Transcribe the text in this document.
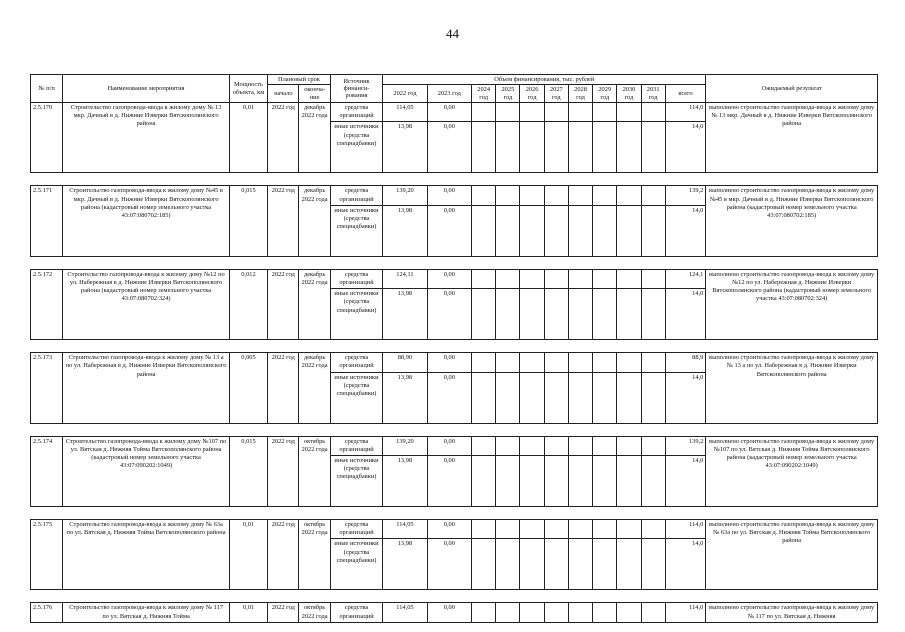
44
№ п/п	Наименование мероприятия	Мощность объекта, км	Плановый срок		Источник финанси-рования	Объем финансирования, тыс. рублей											Ожидаемый результат
			начало	оконча-ние		2022 год	2023 год	2024 год	2025 год	2026 год	2027 год	2028 год	2029 год	2030 год	2031 год	всего	
2.5.170	Строительство газопровода-ввода к жилому дому № 13 мкр. Дачный в д. Нижние Изверки Вятскополянского района	0,01	2022 год	декабрь 2022 года	средства организаций	114,05	0,00									114,0	выполнено строительство газопровода-ввода к жилому дому № 13 мкр. Дачный в д. Нижние Изверки Вятскополянского района
					иные источники (средства спецнадбавки)	13,98	0,00									14,0	

2.5.171	Строительство газопровода-ввода к жилому дому №45 в мкр. Дачный в д. Нижние Изверки Вятскополянского района (кадастровый номер земельного участка 43:07:080702:185)	0,015	2022 год	декабрь 2022 года	средства организаций	139,20	0,00									139,2	выполнено строительство газопровода-ввода к жилому дому №45 в мкр. Дачный в д. Нижние Изверки Вятскополянского района (кадастровый номер земельного участка 43:07:080702:185)
					иные источники (средства спецнадбавки)	13,98	0,00									14,0	

2.5.172	Строительство газопровода-ввода к жилому дому №12 по ул. Набережная в д. Нижние Изверки Вятскополянского района (кадастровый номер земельного участка 43:07:080702:324)	0,012	2022 год	декабрь 2022 года	средства организаций	124,11	0,00									124,1	выполнено строительство газопровода-ввода к жилому дому №12 по ул. Набережная д. Нижние Изверки Вятскополянского района (кадастровый номер земельного участка 43:07:080702:324)
					иные источники (средства спецнадбавки)	13,98	0,00									14,0	

2.5.173	Строительство газопровода-ввода к жилому дому № 13 а по ул. Набережная в д. Нижние Изверки Вятскополянского района	0,005	2022 год	декабрь 2022 года	средства организаций	88,90	0,00									88,9	выполнено строительство газопровода-ввода к жилому дому № 13 а по ул. Набережная в д. Нижние Изверки Вятскополянского района
					иные источники (средства спецнадбавки)	13,98	0,00									14,0	

2.5.174	Строительство газопровода-ввода к жилому дому №107 по ул. Вятская д. Нижняя Тойма Вятскополянского района (кадастровый номер земельного участка 43:07:090202:1049)	0,015	2022 год	октябрь 2022 года	средства организаций	139,20	0,00									139,2	выполнено строительство газопровода-ввода к жилому дому №107 по ул. Вятская д. Нижняя Тойма Вятскополянского района (кадастровый номер земельного участка 43:07:090202:1049)
					иные источники (средства спецнадбавки)	13,98	0,00									14,0	

2.5.175	Строительство газопровода-ввода к жилому дому № 63а по ул. Вятская д. Нижняя Тойма Вятскополянского района	0,01	2022 год	октябрь 2022 года	средства организаций	114,05	0,00									114,0	выполнено строительство газопровода-ввода к жилому дому № 63а по ул. Вятская д. Нижняя Тойма Вятскополянского района
					иные источники (средства спецнадбавки)	13,98	0,00									14,0	

2.5.176	Строительство газопровода-ввода к жилому дому № 117 по ул. Вятская д. Нижняя Тойма	0,01	2022 год	октябрь 2022 года	средства организаций	114,05	0,00									114,0	выполнено строительство газопровода-ввода к жилому дому № 117 по ул. Вятская д. Нижняя
